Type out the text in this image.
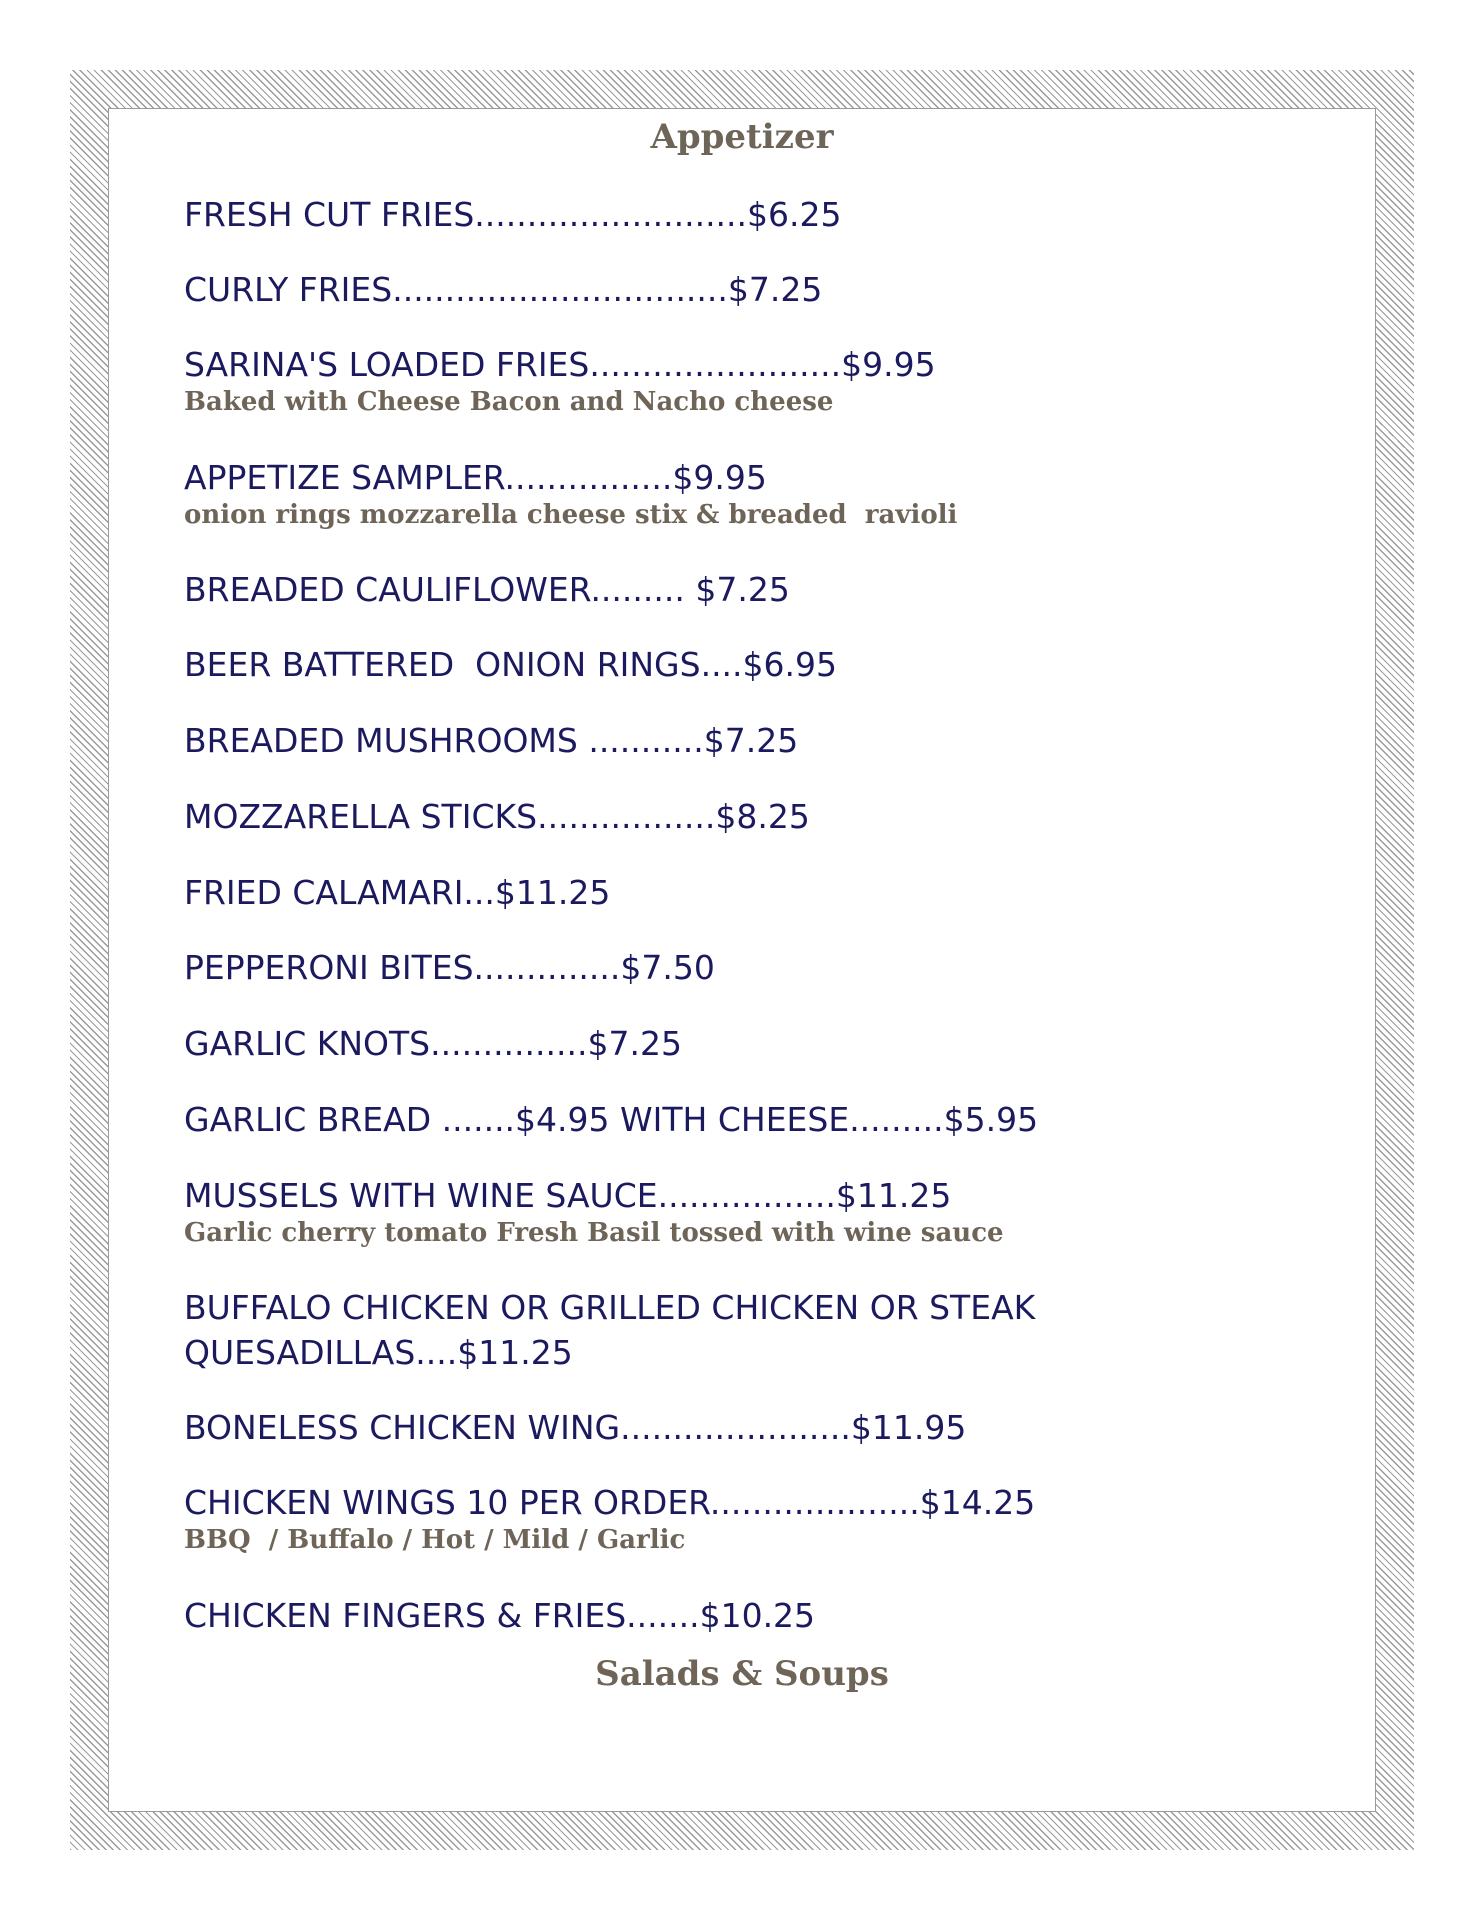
Appetizer
FRESH CUT FRIES..........................$6.25
CURLY FRIES................................$7.25
SARINA'S LOADED FRIES........................$9.95
Baked with Cheese Bacon and Nacho cheese
APPETIZE SAMPLER................$9.95
onion rings mozzarella cheese stix & breaded  ravioli
BREADED CAULIFLOWER......... $7.25
BEER BATTERED  ONION RINGS....$6.95
BREADED MUSHROOMS ...........$7.25
MOZZARELLA STICKS.................$8.25
FRIED CALAMARI...$11.25
PEPPERONI BITES..............$7.50
GARLIC KNOTS...............$7.25
GARLIC BREAD .......$4.95 WITH CHEESE.........$5.95
MUSSELS WITH WINE SAUCE.................$11.25
Garlic cherry tomato Fresh Basil tossed with wine sauce
BUFFALO CHICKEN OR GRILLED CHICKEN OR STEAK
QUESADILLAS....$11.25
BONELESS CHICKEN WING......................$11.95
CHICKEN WINGS 10 PER ORDER....................$14.25
BBQ  / Buffalo / Hot / Mild / Garlic
CHICKEN FINGERS & FRIES.......$10.25
Salads & Soups
